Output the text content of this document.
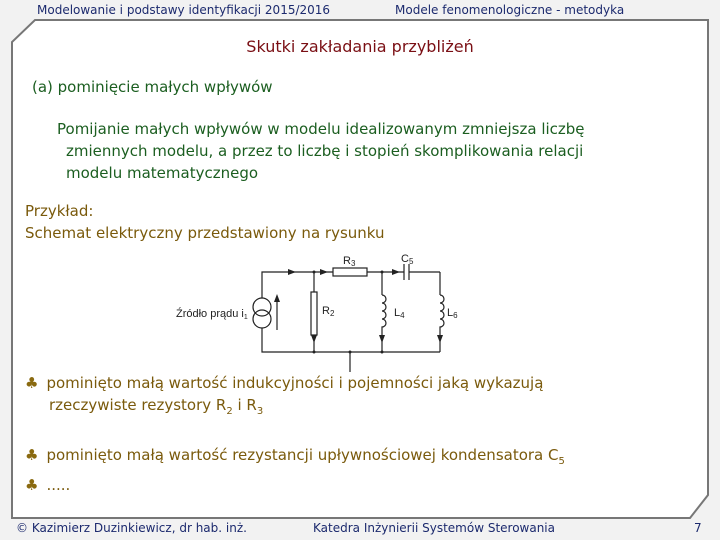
Modelowanie i podstawy identyfikacji 2015/2016	Modele fenomenologiczne - metodyka
Skutki zakładania przybliżeń
(a) pominięcie małych wpływów
Pomijanie małych wpływów w modelu idealizowanym zmniejsza liczbę
zmiennych modelu, a przez to liczbę i stopień skomplikowania relacji
modelu matematycznego
Przykład:
Schemat elektryczny przedstawiony na rysunku
Źródło prądu i1
R2
R3	C5
L4	L6
♣ pominięto małą wartość indukcyjności i pojemności jaką wykazują
rzeczywiste rezystory $R_2$ i $R_3$
♣ pominięto małą wartość rezystancji upływnościowej kondensatora $C_5$
♣ .....
© Kazimierz Duzinkiewicz, dr hab. inż.	Katedra Inżynierii Systemów Sterowania	7
